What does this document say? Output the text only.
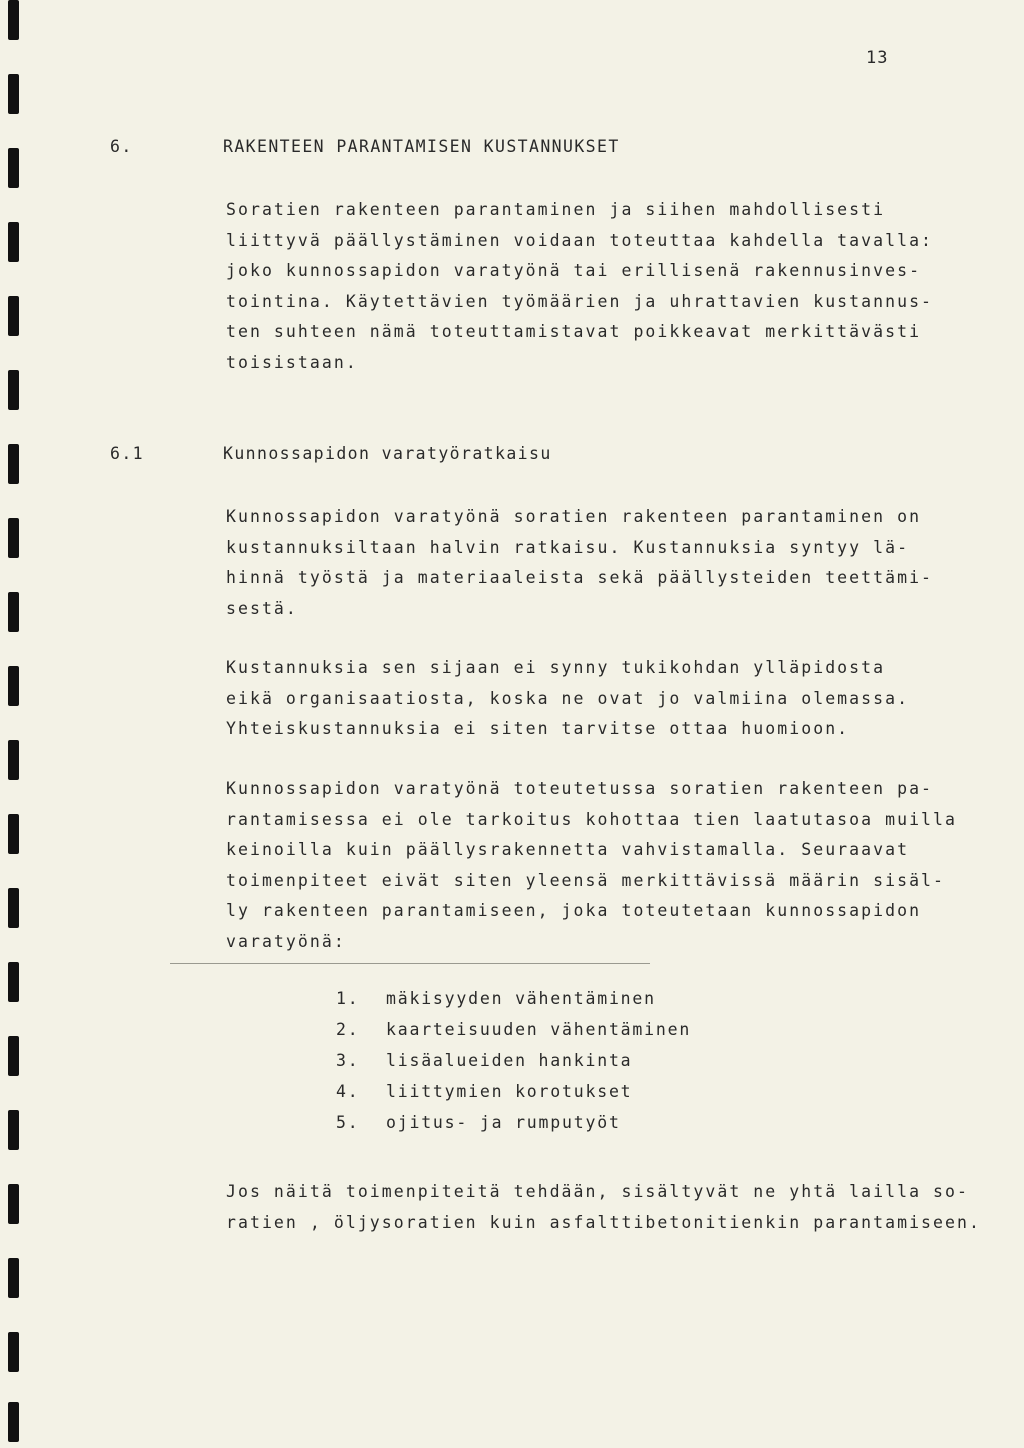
13
6.	RAKENTEEN PARANTAMISEN KUSTANNUKSET
Soratien rakenteen parantaminen ja siihen mahdollisesti
liittyvä päällystäminen voidaan toteuttaa kahdella tavalla:
joko kunnossapidon varatyönä tai erillisenä rakennusinves-
tointina. Käytettävien työmäärien ja uhrattavien kustannus-
ten suhteen nämä toteuttamistavat poikkeavat merkittävästi
toisistaan.
6.1	Kunnossapidon varatyöratkaisu
Kunnossapidon varatyönä soratien rakenteen parantaminen on
kustannuksiltaan halvin ratkaisu. Kustannuksia syntyy lä-
hinnä työstä ja materiaaleista sekä päällysteiden teettämi-
sestä.
Kustannuksia sen sijaan ei synny tukikohdan ylläpidosta
eikä organisaatiosta, koska ne ovat jo valmiina olemassa.
Yhteiskustannuksia ei siten tarvitse ottaa huomioon.
Kunnossapidon varatyönä toteutetussa soratien rakenteen pa-
rantamisessa ei ole tarkoitus kohottaa tien laatutasoa muilla
keinoilla kuin päällysrakennetta vahvistamalla. Seuraavat
toimenpiteet eivät siten yleensä merkittävissä määrin sisäl-
ly rakenteen parantamiseen, joka toteutetaan kunnossapidon
varatyönä:
1. mäkisyyden vähentäminen
2. kaarteisuuden vähentäminen
3. lisäalueiden hankinta
4. liittymien korotukset
5. ojitus- ja rumputyöt
Jos näitä toimenpiteitä tehdään, sisältyvät ne yhtä lailla so-
ratien , öljysoratien kuin asfalttibetonitienkin parantamiseen.
